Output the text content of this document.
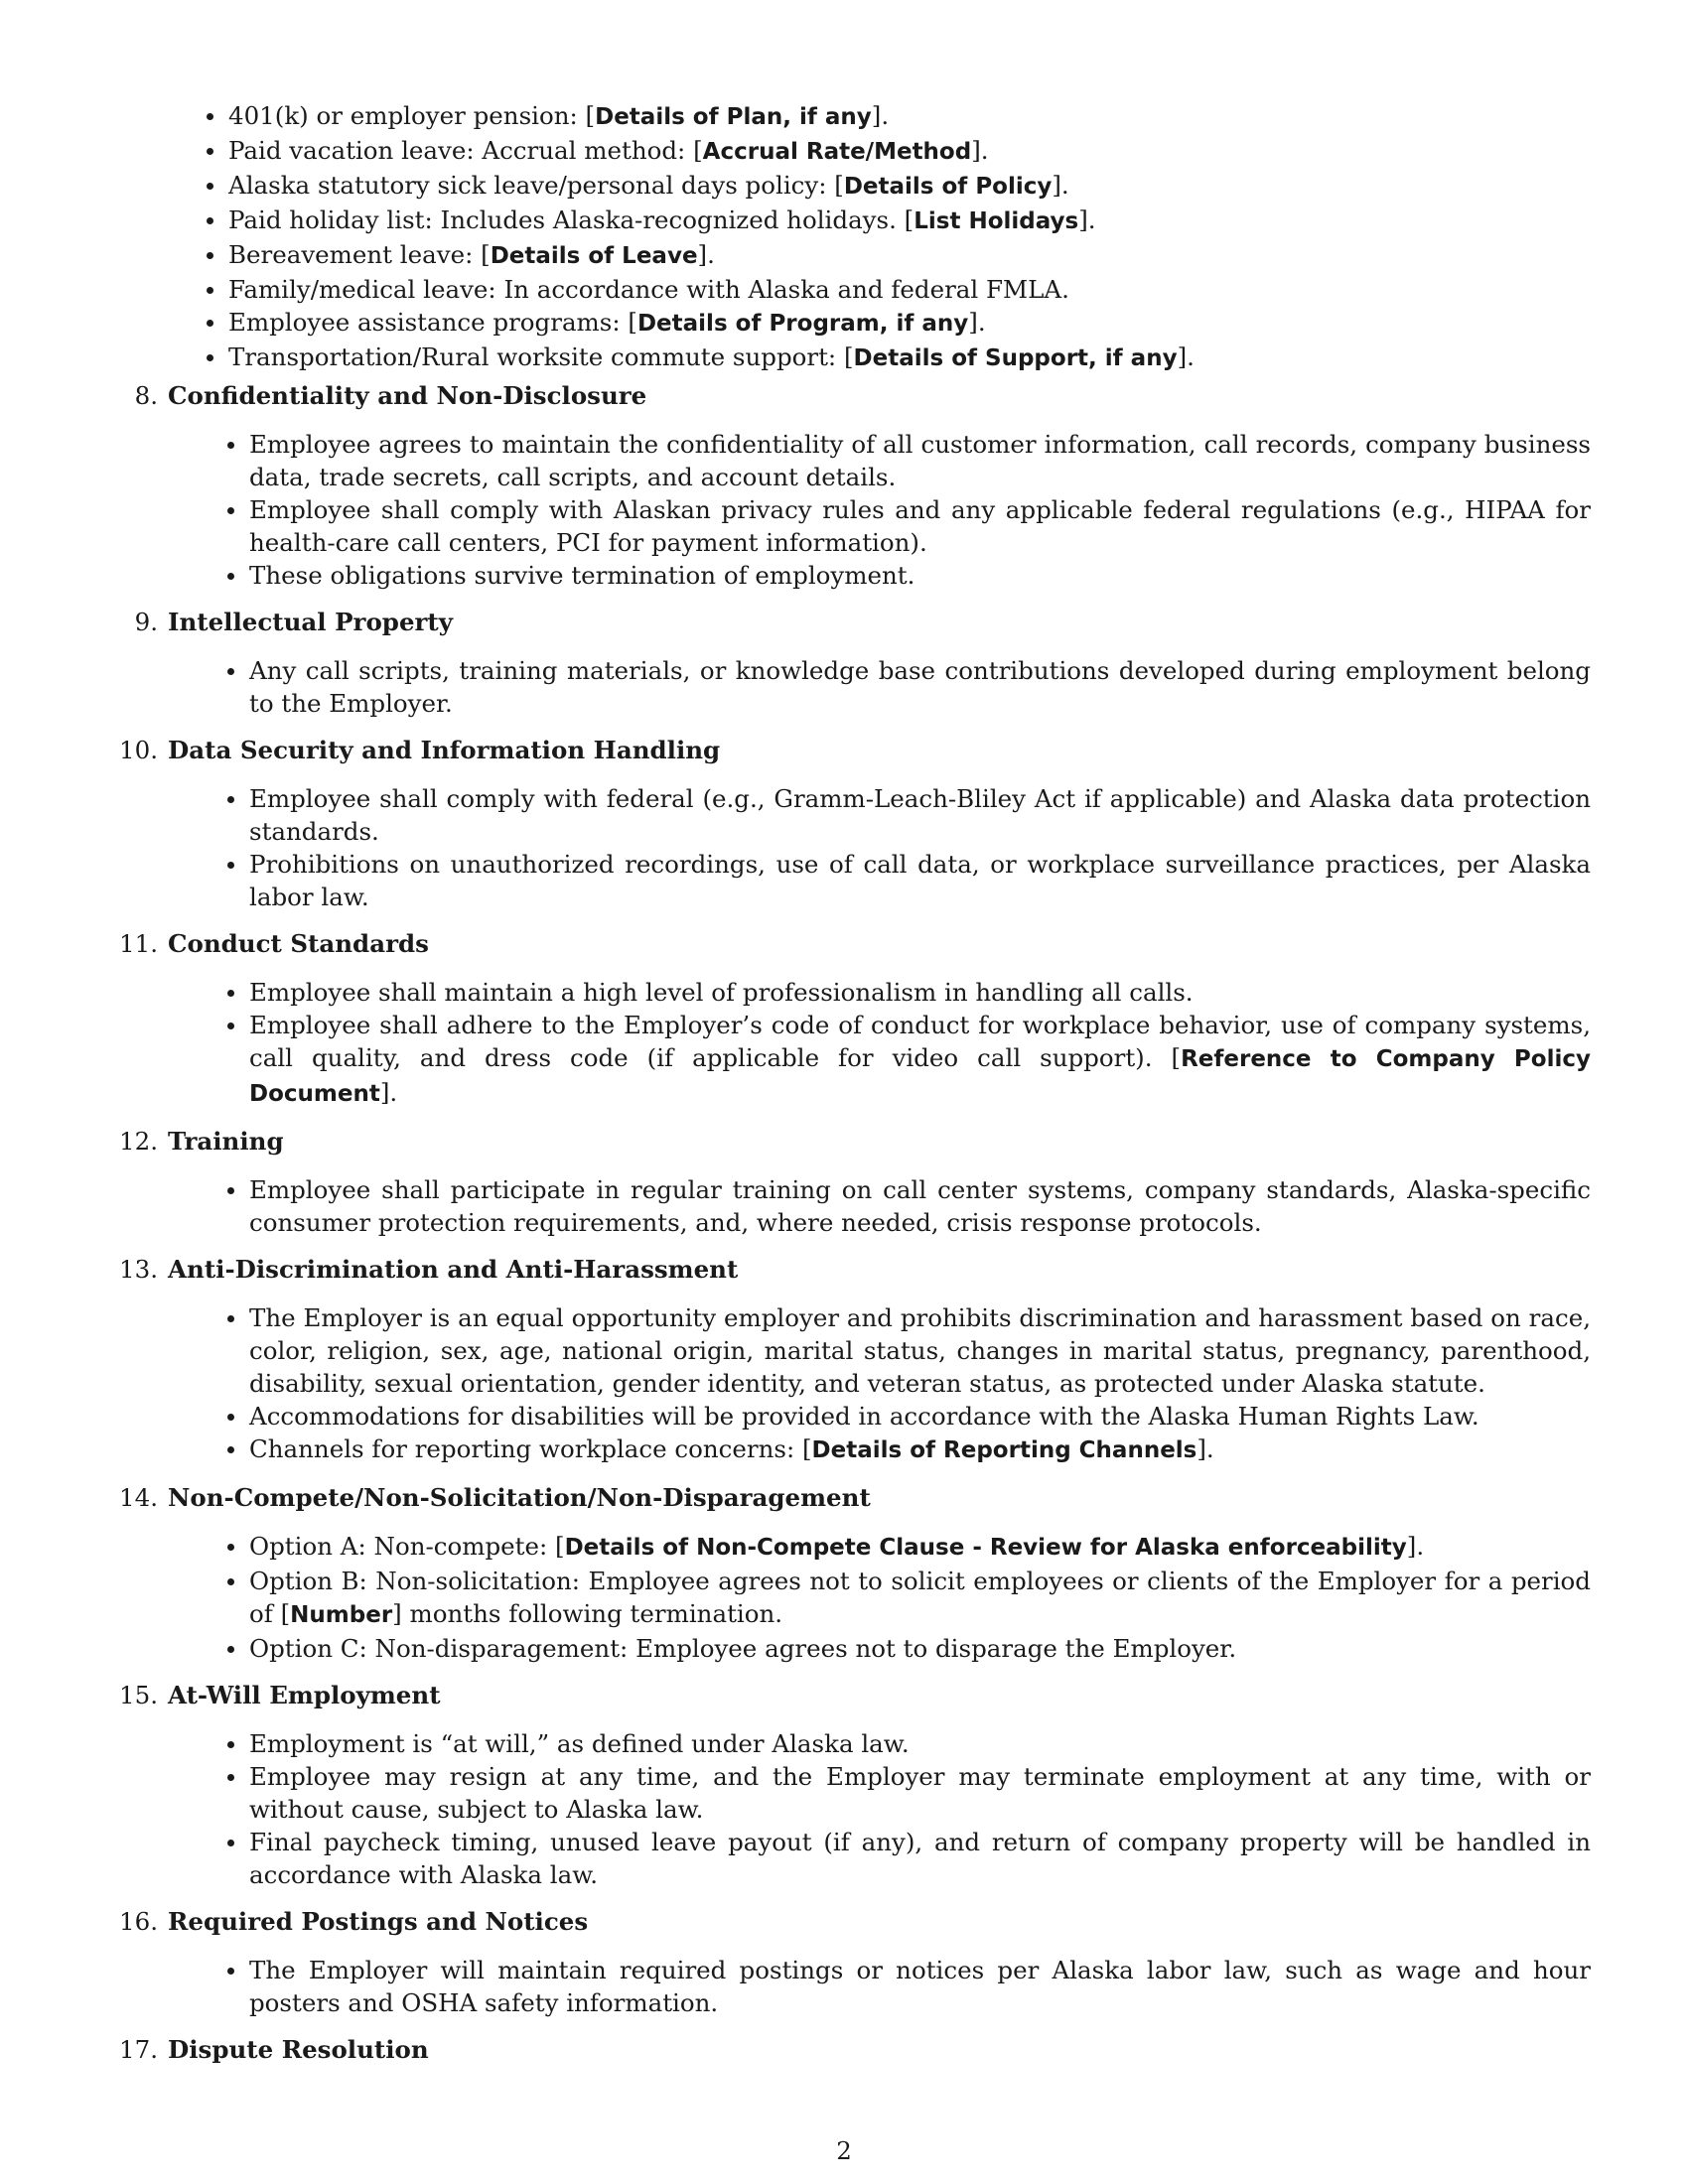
401(k) or employer pension: [Details of Plan, if any].
Paid vacation leave: Accrual method: [Accrual Rate/Method].
Alaska statutory sick leave/personal days policy: [Details of Policy].
Paid holiday list: Includes Alaska-recognized holidays. [List Holidays].
Bereavement leave: [Details of Leave].
Family/medical leave: In accordance with Alaska and federal FMLA.
Employee assistance programs: [Details of Program, if any].
Transportation/Rural worksite commute support: [Details of Support, if any].
8. Confidentiality and Non-Disclosure
Employee agrees to maintain the confidentiality of all customer information, call records, company business data, trade secrets, call scripts, and account details.
Employee shall comply with Alaskan privacy rules and any applicable federal regulations (e.g., HIPAA for health-care call centers, PCI for payment information).
These obligations survive termination of employment.
9. Intellectual Property
Any call scripts, training materials, or knowledge base contributions developed during employment belong to the Employer.
10. Data Security and Information Handling
Employee shall comply with federal (e.g., Gramm-Leach-Bliley Act if applicable) and Alaska data protection standards.
Prohibitions on unauthorized recordings, use of call data, or workplace surveillance practices, per Alaska labor law.
11. Conduct Standards
Employee shall maintain a high level of professionalism in handling all calls.
Employee shall adhere to the Employer’s code of conduct for workplace behavior, use of company systems, call quality, and dress code (if applicable for video call support). [Reference to Company Policy Document].
12. Training
Employee shall participate in regular training on call center systems, company standards, Alaska-specific consumer protection requirements, and, where needed, crisis response protocols.
13. Anti-Discrimination and Anti-Harassment
The Employer is an equal opportunity employer and prohibits discrimination and harassment based on race, color, religion, sex, age, national origin, marital status, changes in marital status, pregnancy, parenthood, disability, sexual orientation, gender identity, and veteran status, as protected under Alaska statute.
Accommodations for disabilities will be provided in accordance with the Alaska Human Rights Law.
Channels for reporting workplace concerns: [Details of Reporting Channels].
14. Non-Compete/Non-Solicitation/Non-Disparagement
Option A: Non-compete: [Details of Non-Compete Clause - Review for Alaska enforceability].
Option B: Non-solicitation: Employee agrees not to solicit employees or clients of the Employer for a period of [Number] months following termination.
Option C: Non-disparagement: Employee agrees not to disparage the Employer.
15. At-Will Employment
Employment is “at will,” as defined under Alaska law.
Employee may resign at any time, and the Employer may terminate employment at any time, with or without cause, subject to Alaska law.
Final paycheck timing, unused leave payout (if any), and return of company property will be handled in accordance with Alaska law.
16. Required Postings and Notices
The Employer will maintain required postings or notices per Alaska labor law, such as wage and hour posters and OSHA safety information.
17. Dispute Resolution
2
